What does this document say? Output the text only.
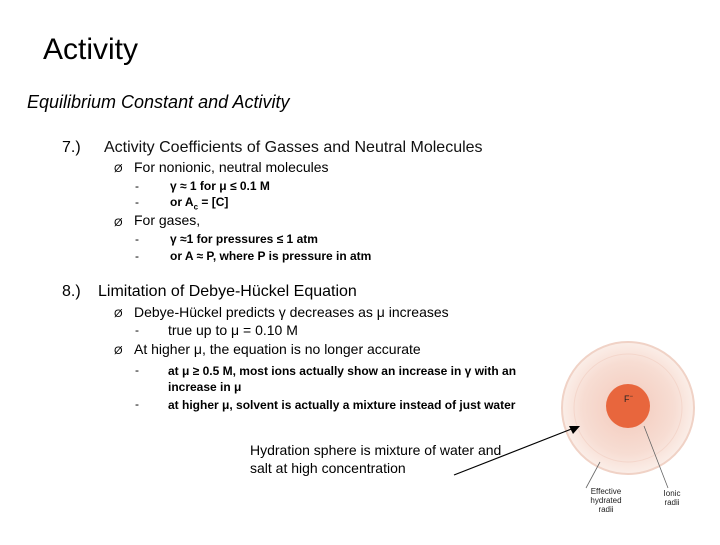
Activity
Equilibrium Constant and Activity
7.) Activity Coefficients of Gasses and Neutral Molecules
Ø For nonionic, neutral molecules
-	γ ≈ 1 for μ ≤ 0.1 M
-	or $A_c = [C]$
Ø For gases,
-	γ ≈1 for pressures ≤ 1 atm
-	or A ≈ P, where P is pressure in atm
8.) Limitation of Debye-Hückel Equation
Ø Debye-Hückel predicts γ decreases as μ increases
- true up to μ = 0.10 M
Ø At higher μ, the equation is no longer accurate
- at μ ≥ 0.5 M, most ions actually show an increase in γ with an increase in μ
- at higher μ, solvent is actually a mixture instead of just water	F−
Effective hydrated radii
Ionic radii
Hydration sphere is mixture of water and salt at high concentration
